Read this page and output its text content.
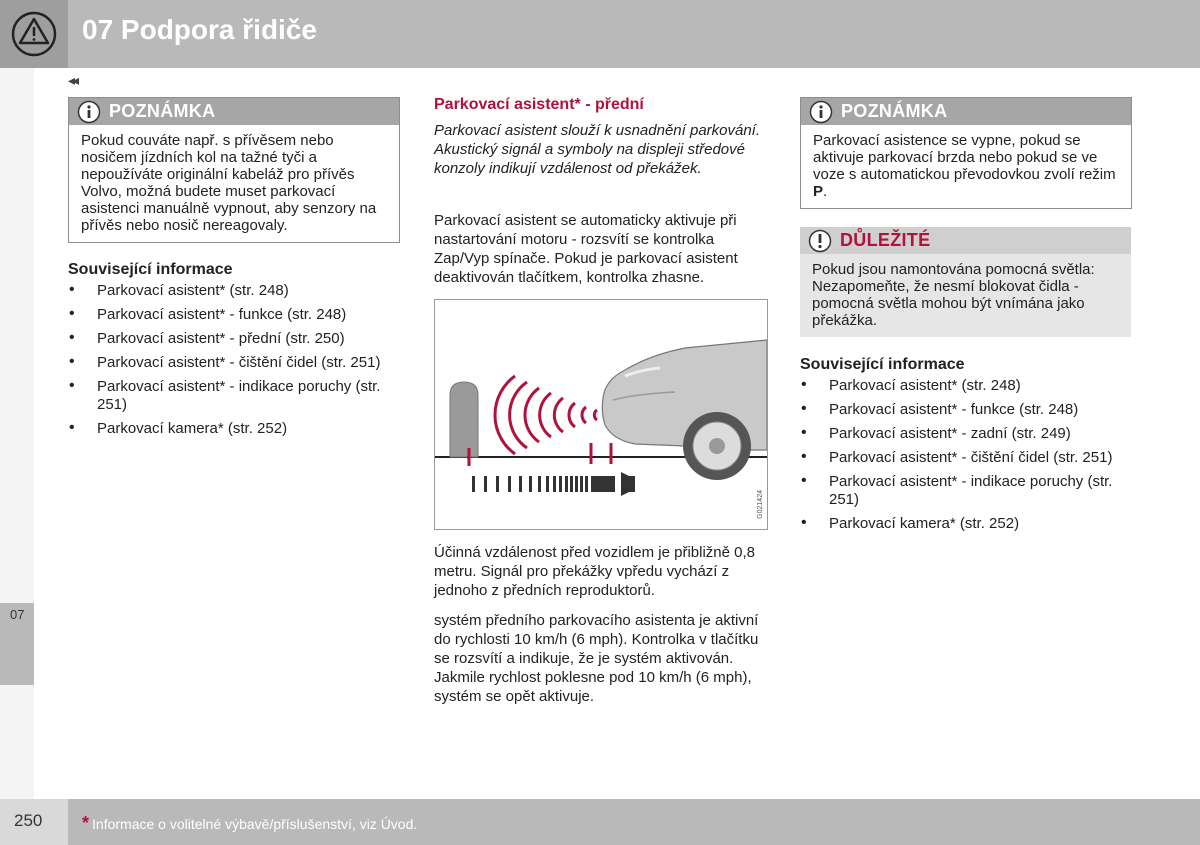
07 Podpora řidiče
◂◂
07
POZNÁMKA
Pokud couváte např. s přívěsem nebo nosičem jízdních kol na tažné tyči a nepoužíváte originální kabeláž pro přívěs Volvo, možná budete muset parkovací asistenci manuálně vypnout, aby senzory na přívěs nebo nosič nereagovaly.
Související informace
• Parkovací asistent* (str. 248)
• Parkovací asistent* - funkce (str. 248)
• Parkovací asistent* - přední (str. 250)
• Parkovací asistent* - čištění čidel (str. 251)
• Parkovací asistent* - indikace poruchy (str. 251)
• Parkovací kamera* (str. 252)
Parkovací asistent* - přední
Parkovací asistent slouží k usnadnění parkování. Akustický signál a symboly na displeji středové konzoly indikují vzdálenost od překážek.
Parkovací asistent se automaticky aktivuje při nastartování motoru - rozsvítí se kontrolka Zap/Vyp spínače. Pokud je parkovací asistent deaktivován tlačítkem, kontrolka zhasne.
G021424
Účinná vzdálenost před vozidlem je přibližně 0,8 metru. Signál pro překážky vpředu vychází z jednoho z předních reproduktorů.
systém předního parkovacího asistenta je aktivní do rychlosti 10 km/h (6 mph). Kontrolka v tlačítku se rozsvítí a indikuje, že je systém aktivován. Jakmile rychlost poklesne pod 10 km/h (6 mph), systém se opět aktivuje.
POZNÁMKA
Parkovací asistence se vypne, pokud se aktivuje parkovací brzda nebo pokud se ve voze s automatickou převodovkou zvolí režim P.
DŮLEŽITÉ
Pokud jsou namontována pomocná světla: Nezapomeňte, že nesmí blokovat čidla - pomocná světla mohou být vnímána jako překážka.
Související informace
• Parkovací asistent* (str. 248)
• Parkovací asistent* - funkce (str. 248)
• Parkovací asistent* - zadní (str. 249)
• Parkovací asistent* - čištění čidel (str. 251)
• Parkovací asistent* - indikace poruchy (str. 251)
• Parkovací kamera* (str. 252)
250 * Informace o volitelné výbavě/příslušenství, viz Úvod.
